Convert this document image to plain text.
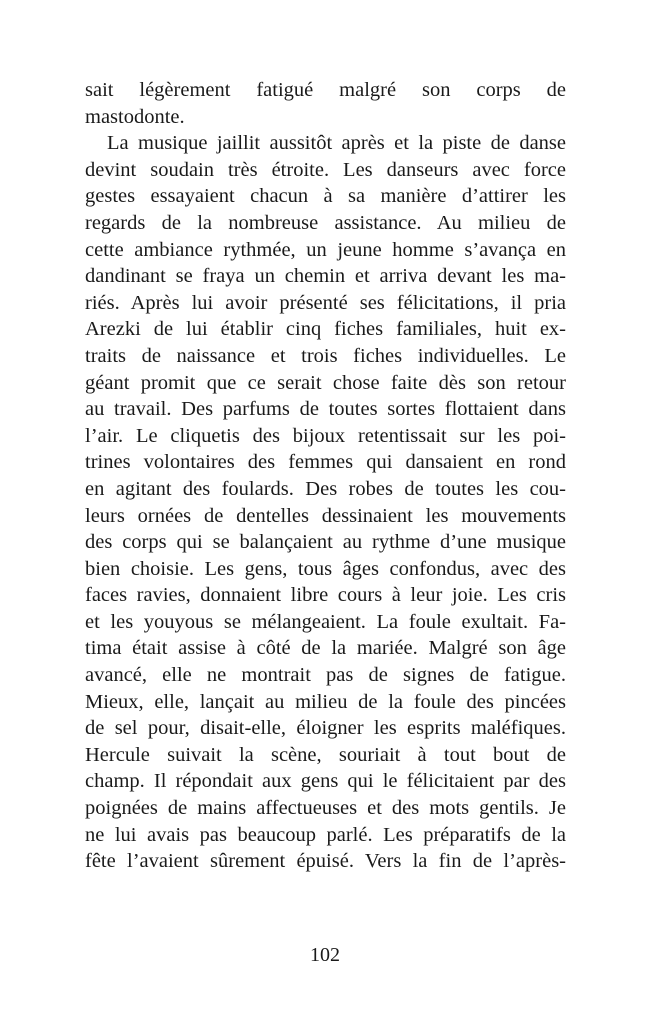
sait légèrement fatigué malgré son corps de
mastodonte.
La musique jaillit aussitôt après et la piste de danse
devint soudain très étroite. Les danseurs avec force
gestes essayaient chacun à sa manière d’attirer les
regards de la nombreuse assistance. Au milieu de
cette ambiance rythmée, un jeune homme s’avança en
dandinant se fraya un chemin et arriva devant les ma-
riés. Après lui avoir présenté ses félicitations, il pria
Arezki de lui établir cinq fiches familiales, huit ex-
traits de naissance et trois fiches individuelles. Le
géant promit que ce serait chose faite dès son retour
au travail. Des parfums de toutes sortes flottaient dans
l’air. Le cliquetis des bijoux retentissait sur les poi-
trines volontaires des femmes qui dansaient en rond
en agitant des foulards. Des robes de toutes les cou-
leurs ornées de dentelles dessinaient les mouvements
des corps qui se balançaient au rythme d’une musique
bien choisie. Les gens, tous âges confondus, avec des
faces ravies, donnaient libre cours à leur joie. Les cris
et les youyous se mélangeaient. La foule exultait. Fa-
tima était assise à côté de la mariée. Malgré son âge
avancé, elle ne montrait pas de signes de fatigue.
Mieux, elle, lançait au milieu de la foule des pincées
de sel pour, disait-elle, éloigner les esprits maléfiques.
Hercule suivait la scène, souriait à tout bout de
champ. Il répondait aux gens qui le félicitaient par des
poignées de mains affectueuses et des mots gentils. Je
ne lui avais pas beaucoup parlé. Les préparatifs de la
fête l’avaient sûrement épuisé. Vers la fin de l’après-
102
